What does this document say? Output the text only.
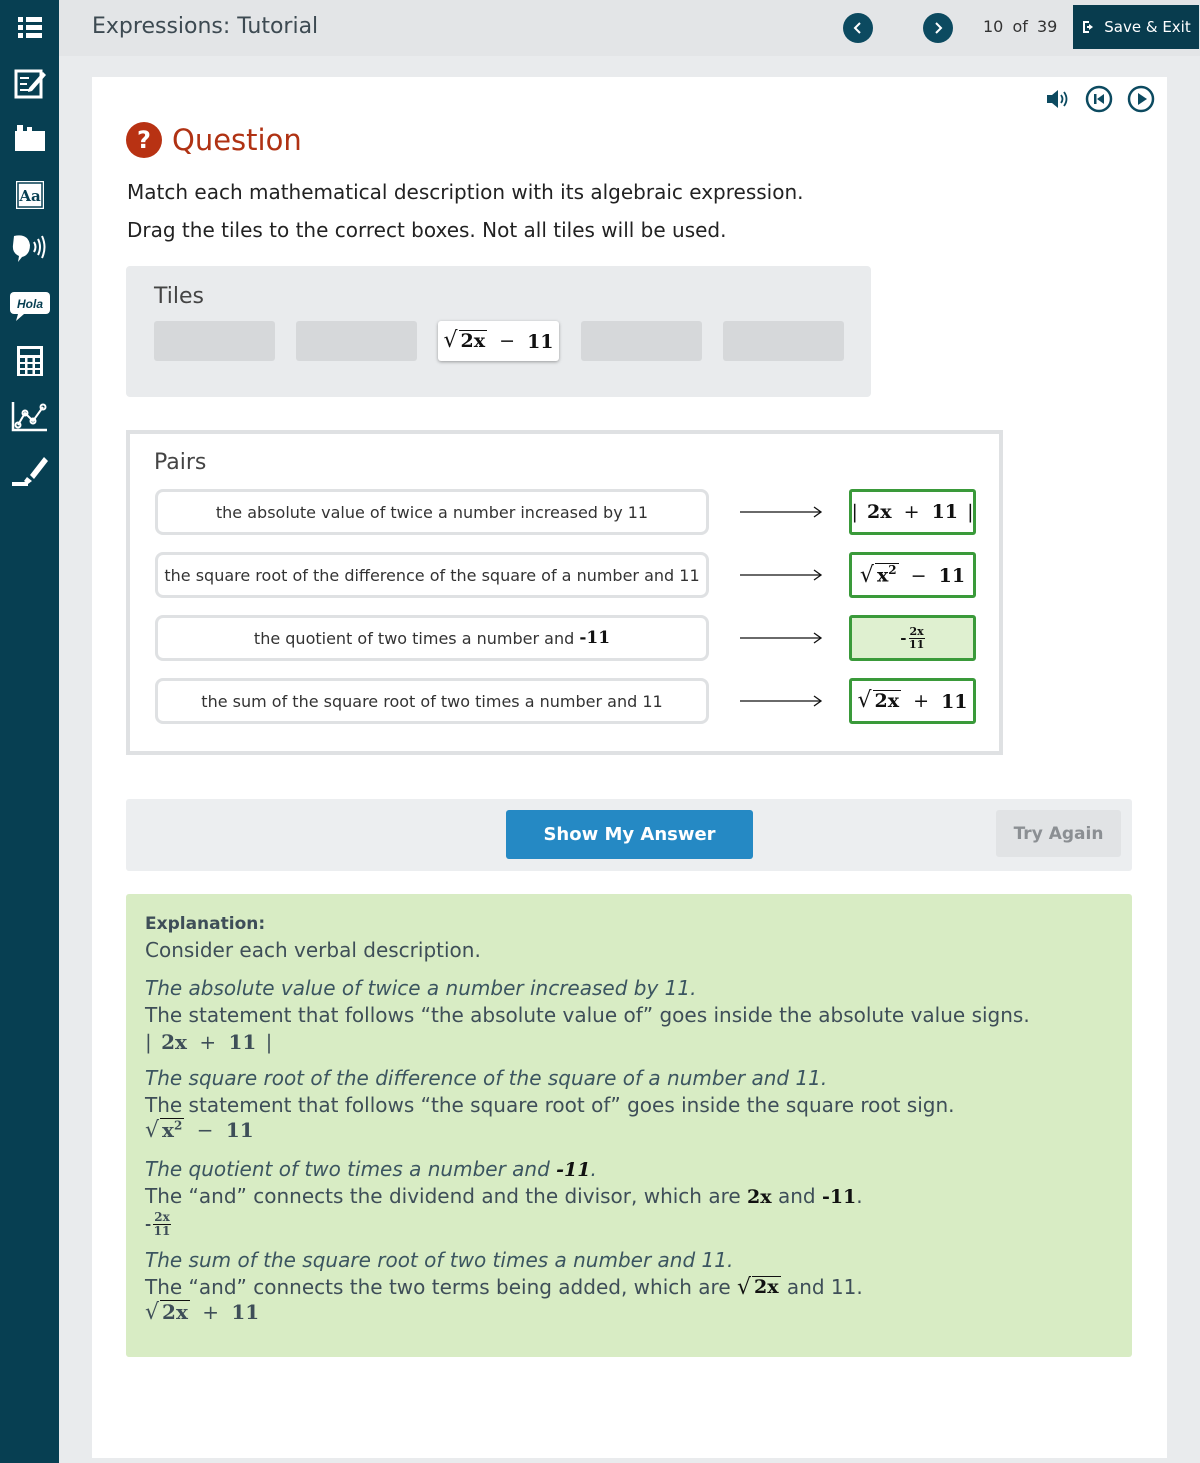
Aa
Hola
Expressions: Tutorial	10 of 39	Save & Exit
? Question
Match each mathematical description with its algebraic expression.
Drag the tiles to the correct boxes. Not all tiles will be used.
Tiles
√ 2x − 11
Pairs
the absolute value of twice a number increased by 11	| 2x + 11 |
the square root of the difference of the square of a number and 11	√ $x^2 - 11$
the quotient of two times a number and -11	- $\frac{2x}{11}$
the sum of the square root of two times a number and 11	√ 2x + 11
Show My Answer	Try Again
Explanation:
Consider each verbal description.
The absolute value of twice a number increased by 11.
The statement that follows “the absolute value of” goes inside the absolute value signs.
| 2x + 11 |
The square root of the difference of the square of a number and 11.
The statement that follows “the square root of” goes inside the square root sign.
√ $x^2 - 11$
The quotient of two times a number and -11.
The “and” connects the dividend and the divisor, which are 2x and -11.
- $\frac{2x}{11}$
The sum of the square root of two times a number and 11.
The “and” connects the two terms being added, which are √ 2x and 11.
√ 2x + 11
